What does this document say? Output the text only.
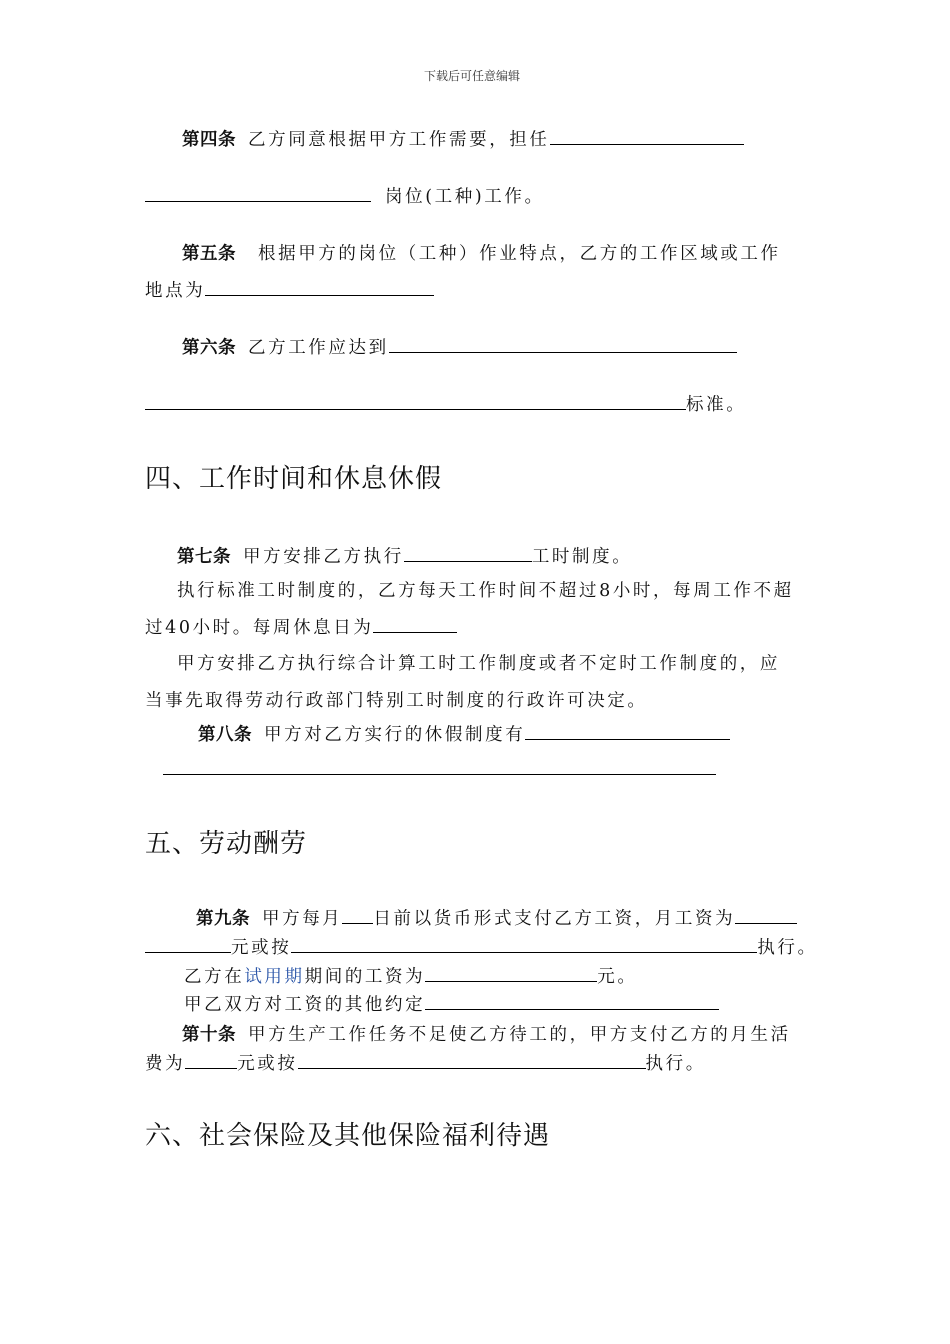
下载后可任意编辑
第四条 乙方同意根据甲方工作需要，担任
岗位(工种)工作。
第五条 根据甲方的岗位（工种）作业特点，乙方的工作区域或工作
地点为
第六条 乙方工作应达到
标准。
四、工作时间和休息休假
第七条 甲方安排乙方执行	工时制度。
执行标准工时制度的，乙方每天工作时间不超过8小时，每周工作不超
过40小时。每周休息日为
甲方安排乙方执行综合计算工时工作制度或者不定时工作制度的，应
当事先取得劳动行政部门特别工时制度的行政许可决定。
第八条 甲方对乙方实行的休假制度有
五、劳动酬劳
第九条 甲方每月 日前以货币形式支付乙方工资，月工资为
元或按	执行。
乙方在试用期期间的工资为	元。
甲乙双方对工资的其他约定
第十条 甲方生产工作任务不足使乙方待工的，甲方支付乙方的月生活
费为	元或按	执行。
六、社会保险及其他保险福利待遇
